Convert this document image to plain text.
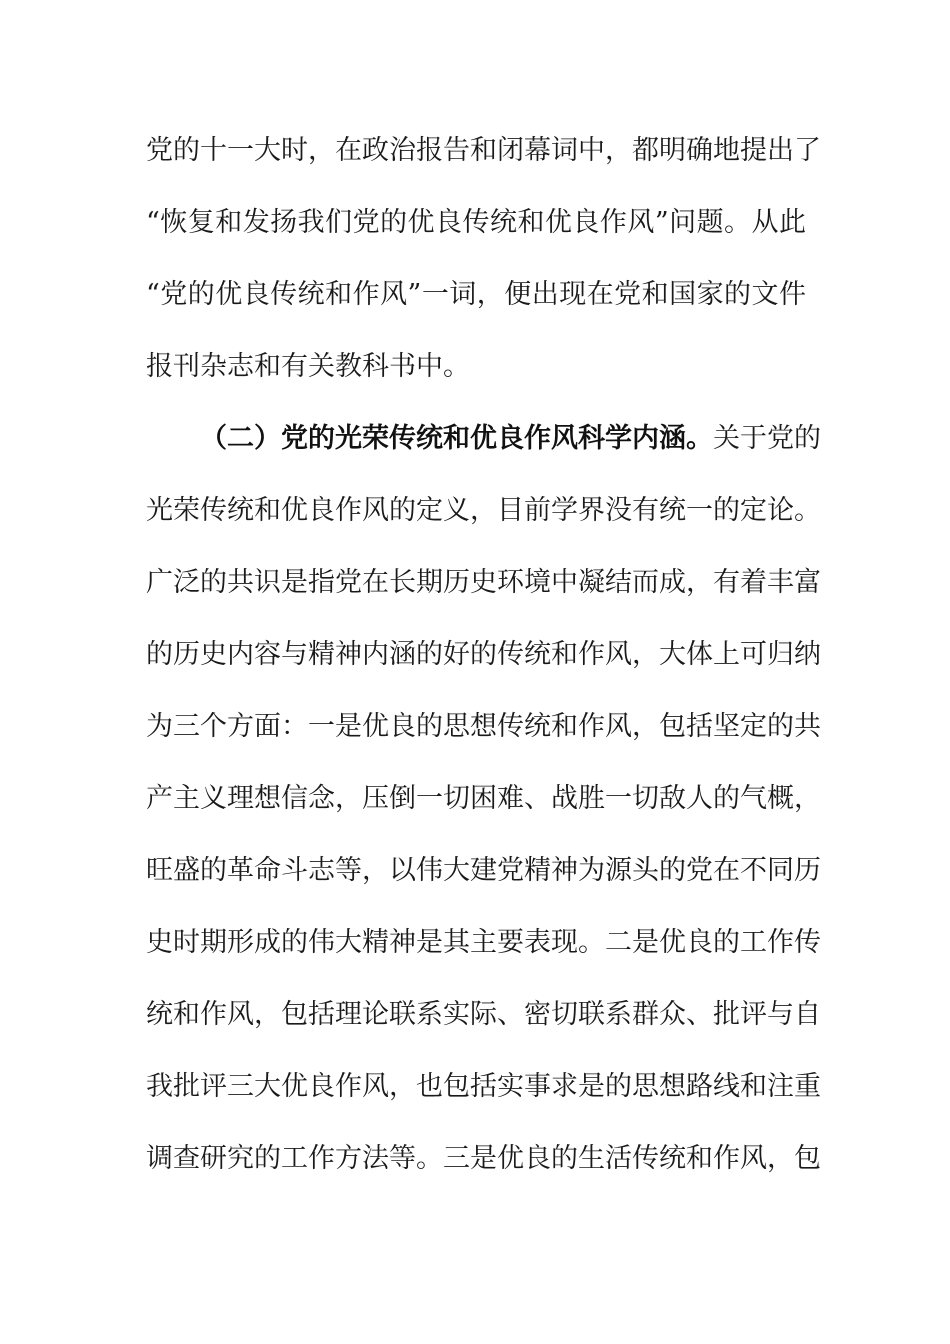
党的十一大时，在政治报告和闭幕词中，都明确地提出了
“恢复和发扬我们党的优良传统和优良作风”问题。从此
“党的优良传统和作风”一词，便出现在党和国家的文件
报刊杂志和有关教科书中。
（二）党的光荣传统和优良作风科学内涵。关于党的
光荣传统和优良作风的定义，目前学界没有统一的定论。
广泛的共识是指党在长期历史环境中凝结而成，有着丰富
的历史内容与精神内涵的好的传统和作风，大体上可归纳
为三个方面：一是优良的思想传统和作风，包括坚定的共
产主义理想信念，压倒一切困难、战胜一切敌人的气概，
旺盛的革命斗志等，以伟大建党精神为源头的党在不同历
史时期形成的伟大精神是其主要表现。二是优良的工作传
统和作风，包括理论联系实际、密切联系群众、批评与自
我批评三大优良作风，也包括实事求是的思想路线和注重
调查研究的工作方法等。三是优良的生活传统和作风，包
